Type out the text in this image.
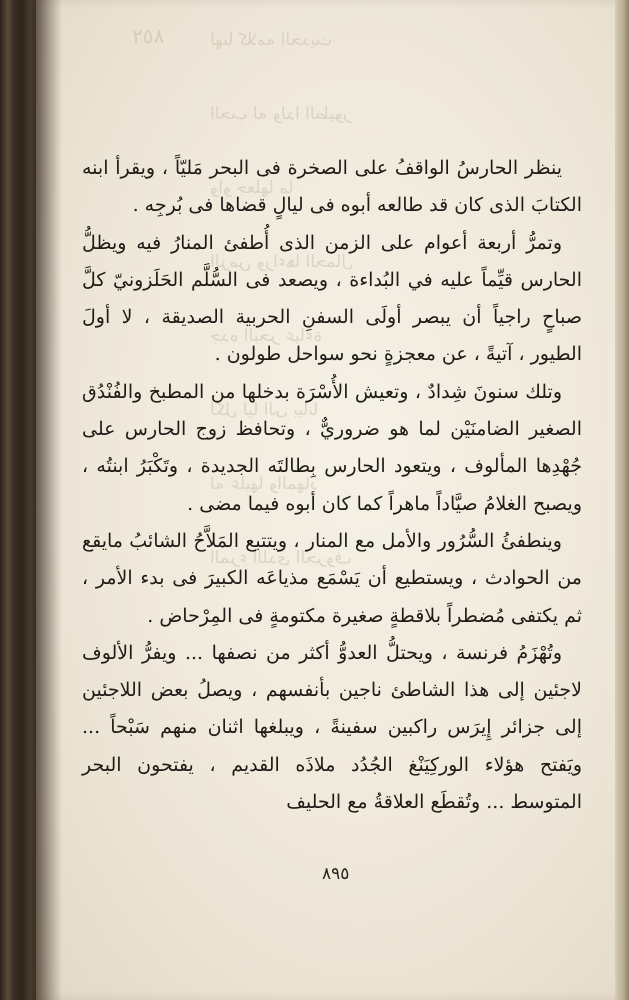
لهنا كلامه الحديث
الحب له ولدا الطيور
واو جعلها ما
الزمن وراءها الحمال
جده البحر عباءة
لكل ليا الى بيانا
له عليها والمهاد
المرء اللدى الحروف
٢٥٨

ينظر الحارسُ الواقفُ على الصخرة فى البحر مَليّاً ، ويقرأ ابنه الكتابَ الذى كان قد طالعه أبوه فى ليالٍ قضاها فى بُرجِه .

وتمرُّ أربعة أعوام على الزمن الذى أُطفئ المنارُ فيه ويظلُّ الحارس قيِّماً عليه في البُداءة ، ويصعد فى السُّلَّم الحَلَزونيّ كلَّ صباحٍ راجياً أن يبصر أولَى السفنِ الحربية الصديقة ، لا أولَ الطيور ، آتيةً ، عن معجزةٍ نحو سواحل طولون .

وتلك سنونَ شِدادٌ ، وتعيش الأُسْرَة بدخلها من المطبخ والفُنْدُق الصغير الضامنَيْن لما هو ضروريٌّ ، وتحافظ زوج الحارس على جُهْدِها المألوف ، ويتعود الحارس بِطالتَه الجديدة ، وتَكْبَرُ ابنتُه ، ويصبح الغلامُ صيَّاداً ماهراً كما كان أبوه فيما مضى .

وينطفئُ السُّرُور والأمل مع المنار ، ويتتبع المَلاَّحُ الشائبُ مايقع من الحوادث ، ويستطيع أن يَسْمَع مذياعَه الكبيرَ فى بدء الأمر ، ثم يكتفى مُضطراً بلاقطةٍ صغيرة مكتومةٍ فى المِرْحاض .

وتُهْزَمُ فرنسة ، ويحتلُّ العدوُّ أكثر من نصفها ... ويفرُّ الألوف لاجئين إلى هذا الشاطئ ناجين بأنفسهم ، ويصلُ بعض اللاجئين إلى جزائر إِيرَس راكبين سفينةً ، ويبلغها اثنان منهم سَبْحاً ... ويَفتح هؤلاء الوركِيَنْغ الجُدُد ملاذَه القديم ، يفتحون البحر المتوسط ... وتُقطَع العلاقةُ مع الحليف

٨٩٥
